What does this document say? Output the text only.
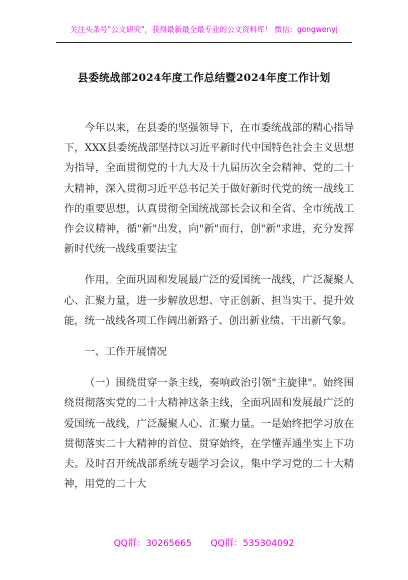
关注头条号"公文研究"，获得最新最全最专业的公文资料库！ 微信：gongwenyj
县委统战部2024年度工作总结暨2024年度工作计划

今年以来，在县委的坚强领导下，在市委统战部的精心指导下，XXX县委统战部坚持以习近平新时代中国特色社会主义思想为指导，全面贯彻党的十九大及十九届历次全会精神、党的二十大精神，深入贯彻习近平总书记关于做好新时代党的统一战线工作的重要思想，认真贯彻全国统战部长会议和全省、全市统战工作会议精神，循"新"出发，向"新"而行，创"新"求进，充分发挥新时代统一战线重要法宝

作用，全面巩固和发展最广泛的爱国统一战线，广泛凝聚人心、汇聚力量，进一步解放思想、守正创新、担当实干、提升效能，统一战线各项工作阔出新路子、创出新业绩、干出新气象。

一、工作开展情况

（一）围绕贯穿一条主线，奏响政治引领"主旋律"。始终围绕贯彻落实党的二十大精神这条主线，全面巩固和发展最广泛的爱国统一战线，广泛凝聚人心、汇聚力量。一是始终把学习放在贯彻落实二十大精神的首位、贯穿始终，在学懂弄通坐实上下功夫。及时召开统战部系统专题学习会议，集中学习党的二十大精神，用党的二十大

QQ群：30265665 QQ群：535304092
